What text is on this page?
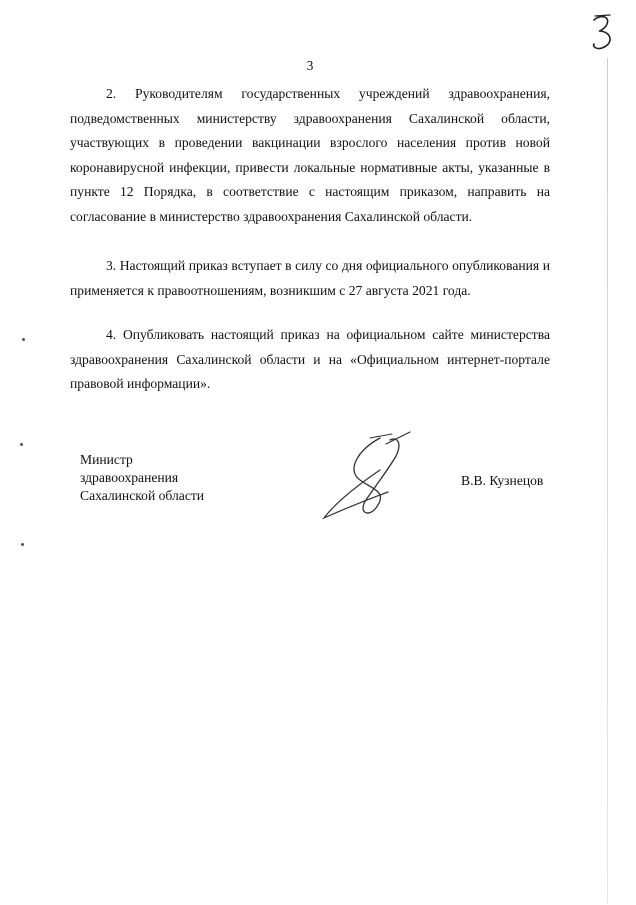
3
2. Руководителям государственных учреждений здравоохранения, подведомственных министерству здравоохранения Сахалинской области, участвующих в проведении вакцинации взрослого населения против новой коронавирусной инфекции, привести локальные нормативные акты, указанные в пункте 12 Порядка, в соответствие с настоящим приказом, направить на согласование в министерство здравоохранения Сахалинской области.
3. Настоящий приказ вступает в силу со дня официального опубликования и применяется к правоотношениям, возникшим с 27 августа 2021 года.
4. Опубликовать настоящий приказ на официальном сайте министерства здравоохранения Сахалинской области и на «Официальном интернет-портале правовой информации».
Министр
здравоохранения
Сахалинской области
В.В. Кузнецов
